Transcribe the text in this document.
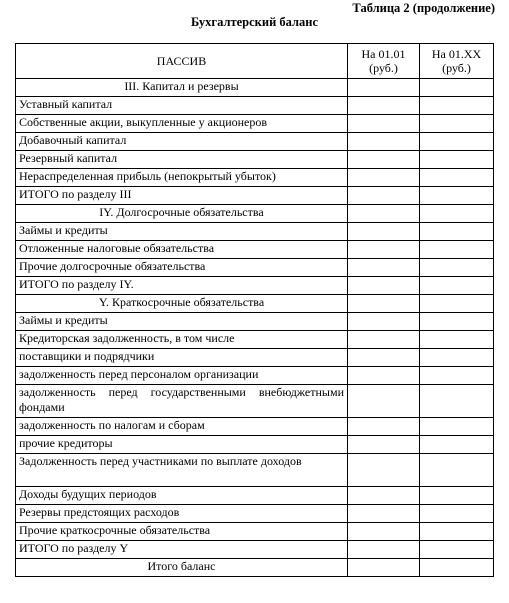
Таблица 2 (продолжение)
Бухгалтерский баланс
ПАССИВ	На 01.01 (руб.)	На 01.XX (руб.)
III. Капитал и резервы		
Уставный капитал		
Собственные акции, выкупленные у акционеров		
Добавочный капитал		
Резервный капитал		
Нераспределенная прибыль (непокрытый убыток)		
ИТОГО по разделу III		
IY. Долгосрочные обязательства		
Займы и кредиты		
Отложенные налоговые обязательства		
Прочие долгосрочные обязательства		
ИТОГО по разделу IY.		
Y. Краткосрочные обязательства		
Займы и кредиты		
Кредиторская задолженность, в том числе		
поставщики и подрядчики		
задолженность перед персоналом организации		
задолженность перед государственными внебюджетными фондами		
задолженность по налогам и сборам		
прочие кредиторы		
Задолженность перед участниками по выплате доходов		
Доходы будущих периодов		
Резервы предстоящих расходов		
Прочие краткосрочные обязательства		
ИТОГО по разделу Y		
Итого баланс		
